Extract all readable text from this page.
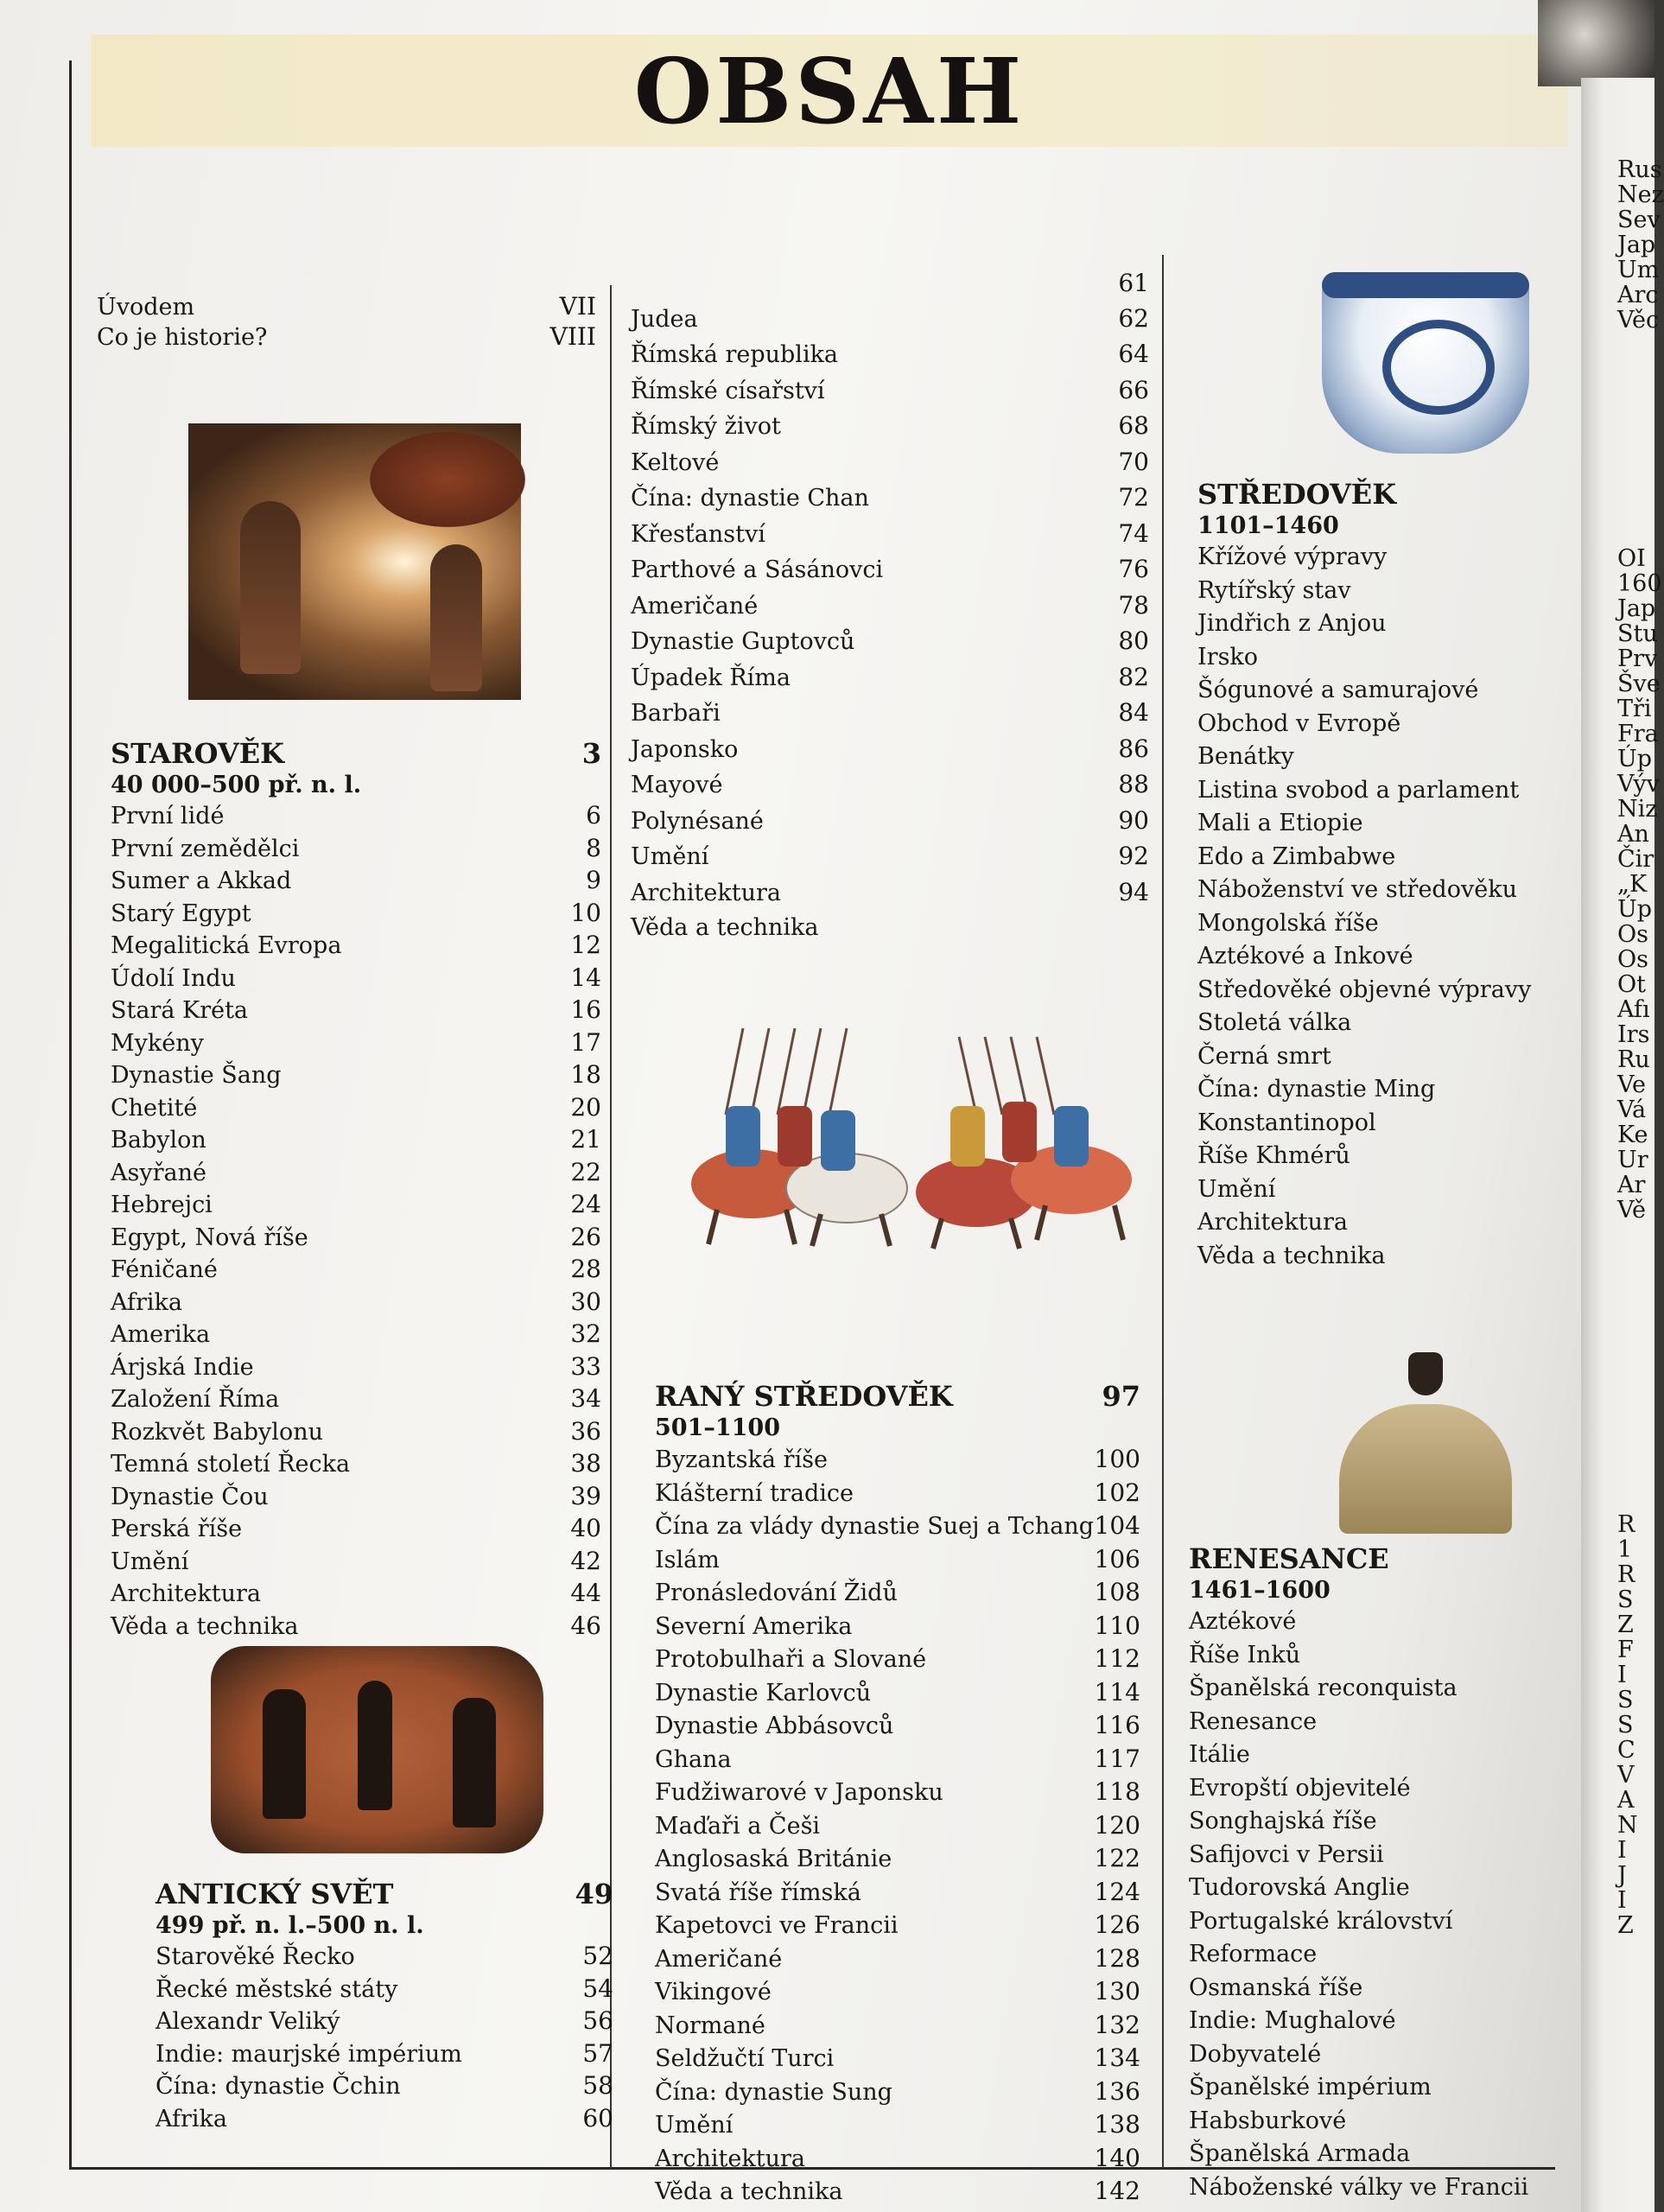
OBSAH
Úvodem	VII
Co je historie?	VIII
STAROVĚK	3
40 000–500 př. n. l.
První lidé	6
První zemědělci	8
Sumer a Akkad	9
Starý Egypt	10
Megalitická Evropa	12
Údolí Indu	14
Stará Kréta	16
Mykény	17
Dynastie Šang	18
Chetité	20
Babylon	21
Asyřané	22
Hebrejci	24
Egypt, Nová říše	26
Féničané	28
Afrika	30
Amerika	32
Árjská Indie	33
Založení Říma	34
Rozkvět Babylonu	36
Temná století Řecka	38
Dynastie Čou	39
Perská říše	40
Umění	42
Architektura	44
Věda a technika	46
ANTICKÝ SVĚT	49
499 př. n. l.–500 n. l.
Starověké Řecko	52
Řecké městské státy	54
Alexandr Veliký	56
Indie: maurjské impérium	57
Čína: dynastie Čchin	58
Afrika	60
61
Judea	62
Římská republika	64
Římské císařství	66
Římský život	68
Keltové	70
Čína: dynastie Chan	72
Křesťanství	74
Parthové a Sásánovci	76
Američané	78
Dynastie Guptovců	80
Úpadek Říma	82
Barbaři	84
Japonsko	86
Mayové	88
Polynésané	90
Umění	92
Architektura	94
Věda a technika
RANÝ STŘEDOVĚK	97
501–1100
Byzantská říše	100
Klášterní tradice	102
Čína za vlády dynastie Suej a Tchang 104
Islám	106
Pronásledování Židů	108
Severní Amerika	110
Protobulhaři a Slované	112
Dynastie Karlovců	114
Dynastie Abbásovců	116
Ghana	117
Fudžiwarové v Japonsku	118
Maďaři a Češi	120
Anglosaská Británie	122
Svatá říše římská	124
Kapetovci ve Francii	126
Američané	128
Vikingové	130
Normané	132
Seldžučtí Turci	134
Čína: dynastie Sung	136
Umění	138
Architektura	140
Věda a technika	142
STŘEDOVĚK
1101–1460
Křížové výpravy
Rytířský stav
Jindřich z Anjou
Irsko
Šógunové a samurajové
Obchod v Evropě
Benátky
Listina svobod a parlament
Mali a Etiopie
Edo a Zimbabwe
Náboženství ve středověku
Mongolská říše
Aztékové a Inkové
Středověké objevné výpravy
Stoletá válka
Černá smrt
Čína: dynastie Ming
Konstantinopol
Říše Khmérů
Umění
Architektura
Věda a technika
RENESANCE
1461–1600
Aztékové
Říše Inků
Španělská reconquista
Renesance
Itálie
Evropští objevitelé
Songhajská říše
Safijovci v Persii
Tudorovská Anglie
Portugalské království
Reformace
Osmanská říše
Indie: Mughalové
Dobyvatelé
Španělské impérium
Habsburkové
Španělská Armada
Náboženské války ve Francii
Rus
Nez
Sev
Jap
Um
Arc
Věc
OI
160
Jap
Stu
Prv
Šve
Tři
Fra
Úp
Výv
Niz
An
Čir
„K
Úp
Os
Os
Ot
Afı
Irs
Ru
Ve
Vá
Ke
Ur
Ar
Vě
R
1
R
S
Z
F
I
S
S
C
V
A
N
I
J
I
Z
